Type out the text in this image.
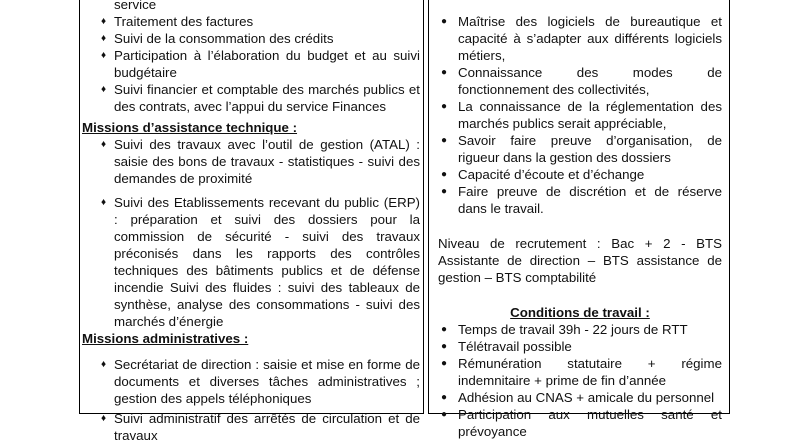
service
♦ Traitement des factures
♦ Suivi de la consommation des crédits
♦ Participation à l’élaboration du budget et au suivi budgétaire
♦ Suivi financier et comptable des marchés publics et des contrats, avec l’appui du service Finances
Missions d’assistance technique :
♦ Suivi des travaux avec l’outil de gestion (ATAL) : saisie des bons de travaux - statistiques - suivi des demandes de proximité
♦ Suivi des Etablissements recevant du public (ERP) : préparation et suivi des dossiers pour la commission de sécurité - suivi des travaux préconisés dans les rapports des contrôles techniques des bâtiments publics et de défense incendie Suivi des fluides : suivi des tableaux de synthèse, analyse des consommations - suivi des marchés d’énergie
Missions administratives :
♦ Secrétariat de direction : saisie et mise en forme de documents et diverses tâches administratives ; gestion des appels téléphoniques
♦ Suivi administratif des arrêtés de circulation et de travaux
● Maîtrise des logiciels de bureautique et capacité à s’adapter aux différents logiciels métiers,
● Connaissance des modes de fonctionnement des collectivités,
● La connaissance de la réglementation des marchés publics serait appréciable,
● Savoir faire preuve d’organisation, de rigueur dans la gestion des dossiers
● Capacité d’écoute et d’échange
● Faire preuve de discrétion et de réserve dans le travail.
Niveau de recrutement : Bac + 2 - BTS Assistante de direction – BTS assistance de gestion – BTS comptabilité
Conditions de travail :
● Temps de travail 39h - 22 jours de RTT
● Télétravail possible
● Rémunération statutaire + régime indemnitaire + prime de fin d’année
● Adhésion au CNAS + amicale du personnel
● Participation aux mutuelles santé et prévoyance
